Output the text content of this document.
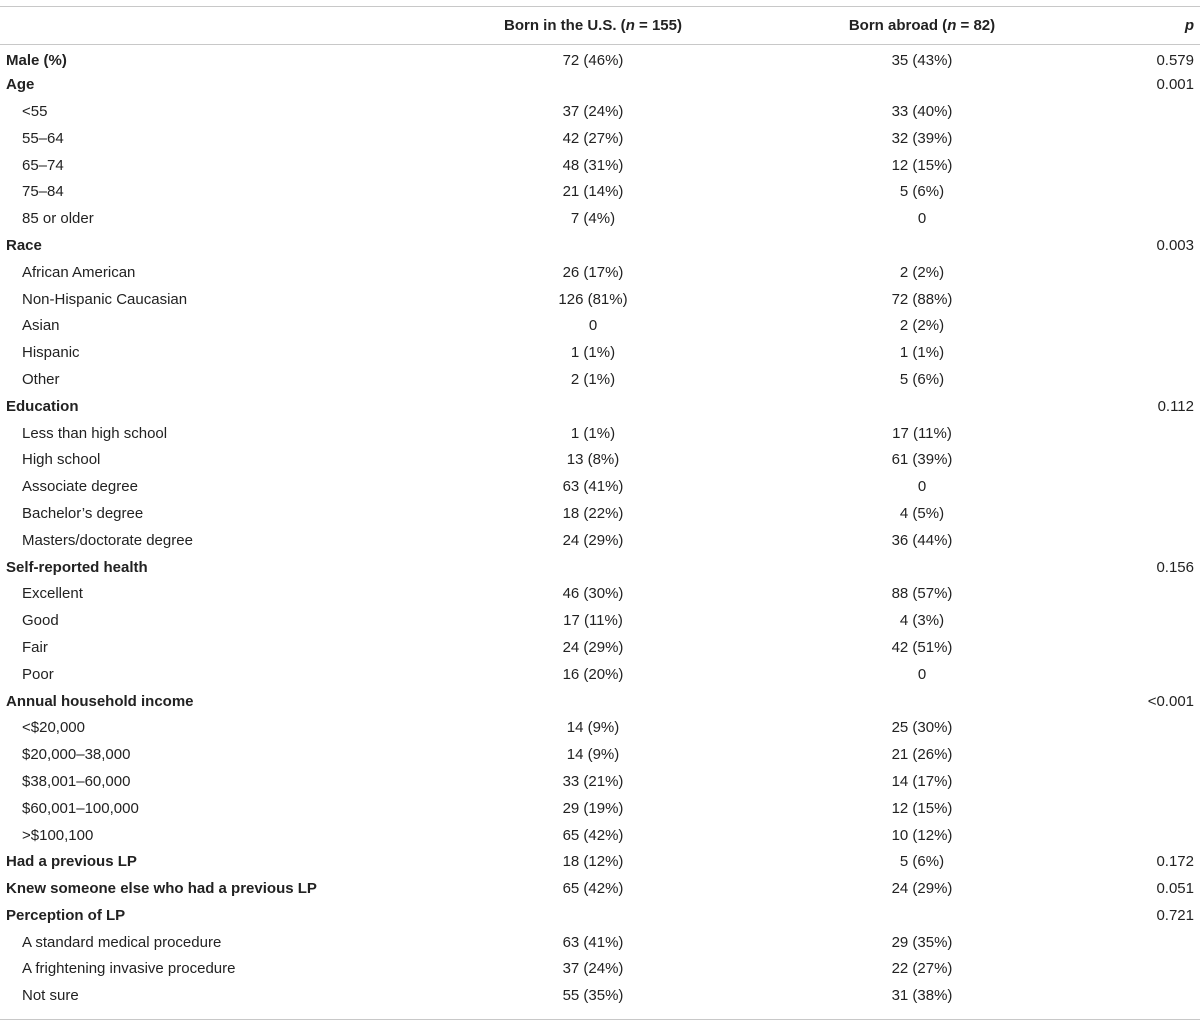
	Born in the U.S. (n = 155)	Born abroad (n = 82)	p
Male (%)	72 (46%)	35 (43%)	0.579
Age			0.001
<55	37 (24%)	33 (40%)	
55–64	42 (27%)	32 (39%)	
65–74	48 (31%)	12 (15%)	
75–84	21 (14%)	5 (6%)	
85 or older	7 (4%)	0	
Race			0.003
African American	26 (17%)	2 (2%)	
Non-Hispanic Caucasian	126 (81%)	72 (88%)	
Asian	0	2 (2%)	
Hispanic	1 (1%)	1 (1%)	
Other	2 (1%)	5 (6%)	
Education			0.112
Less than high school	1 (1%)	17 (11%)	
High school	13 (8%)	61 (39%)	
Associate degree	63 (41%)	0	
Bachelor’s degree	18 (22%)	4 (5%)	
Masters/doctorate degree	24 (29%)	36 (44%)	
Self-reported health			0.156
Excellent	46 (30%)	88 (57%)	
Good	17 (11%)	4 (3%)	
Fair	24 (29%)	42 (51%)	
Poor	16 (20%)	0	
Annual household income			<0.001
<$20,000	14 (9%)	25 (30%)	
$20,000–38,000	14 (9%)	21 (26%)	
$38,001–60,000	33 (21%)	14 (17%)	
$60,001–100,000	29 (19%)	12 (15%)	
>$100,100	65 (42%)	10 (12%)	
Had a previous LP	18 (12%)	5 (6%)	0.172
Knew someone else who had a previous LP	65 (42%)	24 (29%)	0.051
Perception of LP			0.721
A standard medical procedure	63 (41%)	29 (35%)	
A frightening invasive procedure	37 (24%)	22 (27%)	
Not sure	55 (35%)	31 (38%)	
